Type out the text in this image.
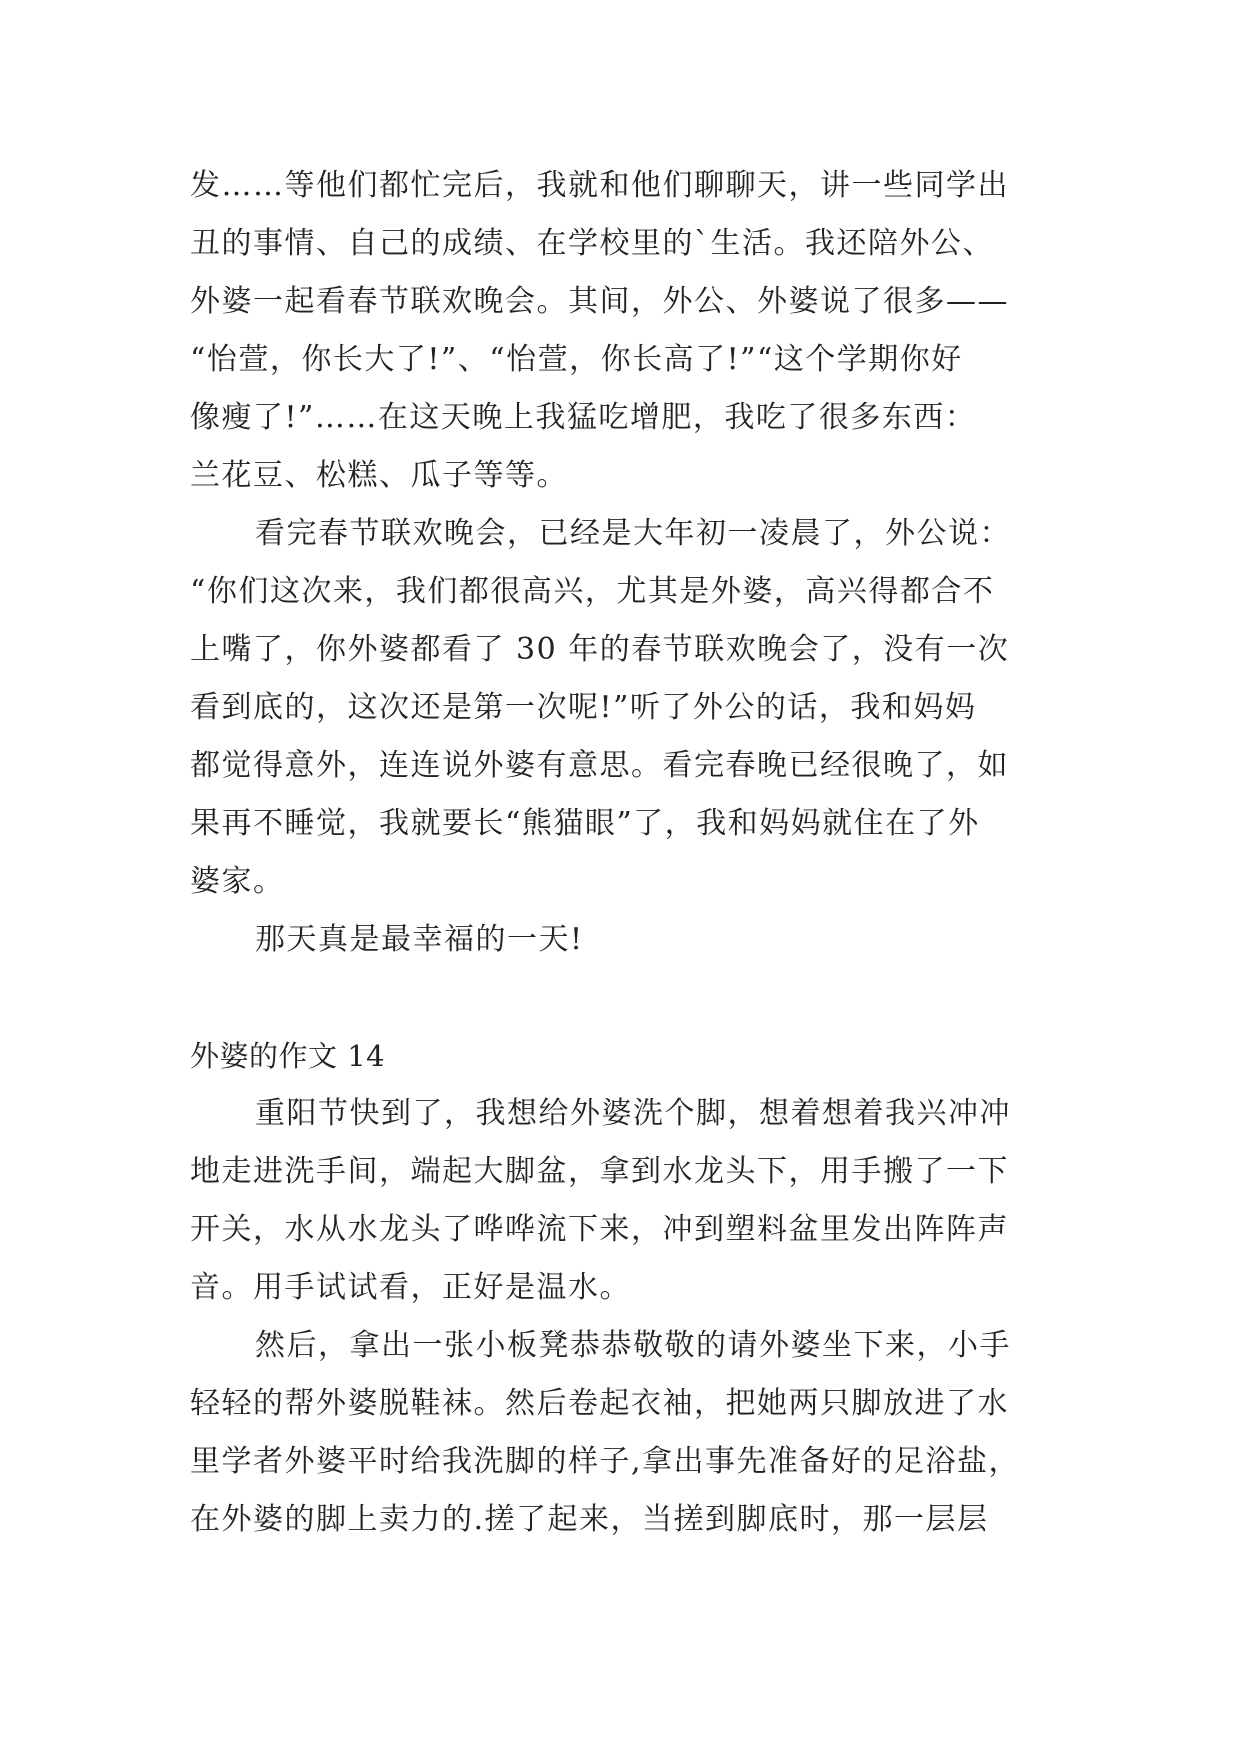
发……等他们都忙完后，我就和他们聊聊天，讲一些同学出
丑的事情、自己的成绩、在学校里的`生活。我还陪外公、
外婆一起看春节联欢晚会。其间，外公、外婆说了很多——
“怡萱，你长大了!”、“怡萱，你长高了!”“这个学期你好
像瘦了!”……在这天晚上我猛吃增肥，我吃了很多东西：
兰花豆、松糕、瓜子等等。
看完春节联欢晚会，已经是大年初一凌晨了，外公说：
“你们这次来，我们都很高兴，尤其是外婆，高兴得都合不
上嘴了，你外婆都看了 30 年的春节联欢晚会了，没有一次
看到底的，这次还是第一次呢!”听了外公的话，我和妈妈
都觉得意外，连连说外婆有意思。看完春晚已经很晚了，如
果再不睡觉，我就要长“熊猫眼”了，我和妈妈就住在了外
婆家。
那天真是最幸福的一天!
外婆的作文 14
重阳节快到了，我想给外婆洗个脚，想着想着我兴冲冲
地走进洗手间，端起大脚盆，拿到水龙头下，用手搬了一下
开关，水从水龙头了哗哗流下来，冲到塑料盆里发出阵阵声
音。用手试试看，正好是温水。
然后，拿出一张小板凳恭恭敬敬的请外婆坐下来，小手
轻轻的帮外婆脱鞋袜。然后卷起衣袖，把她两只脚放进了水
里学者外婆平时给我洗脚的样子,拿出事先准备好的足浴盐，
在外婆的脚上卖力的.搓了起来，当搓到脚底时，那一层层
